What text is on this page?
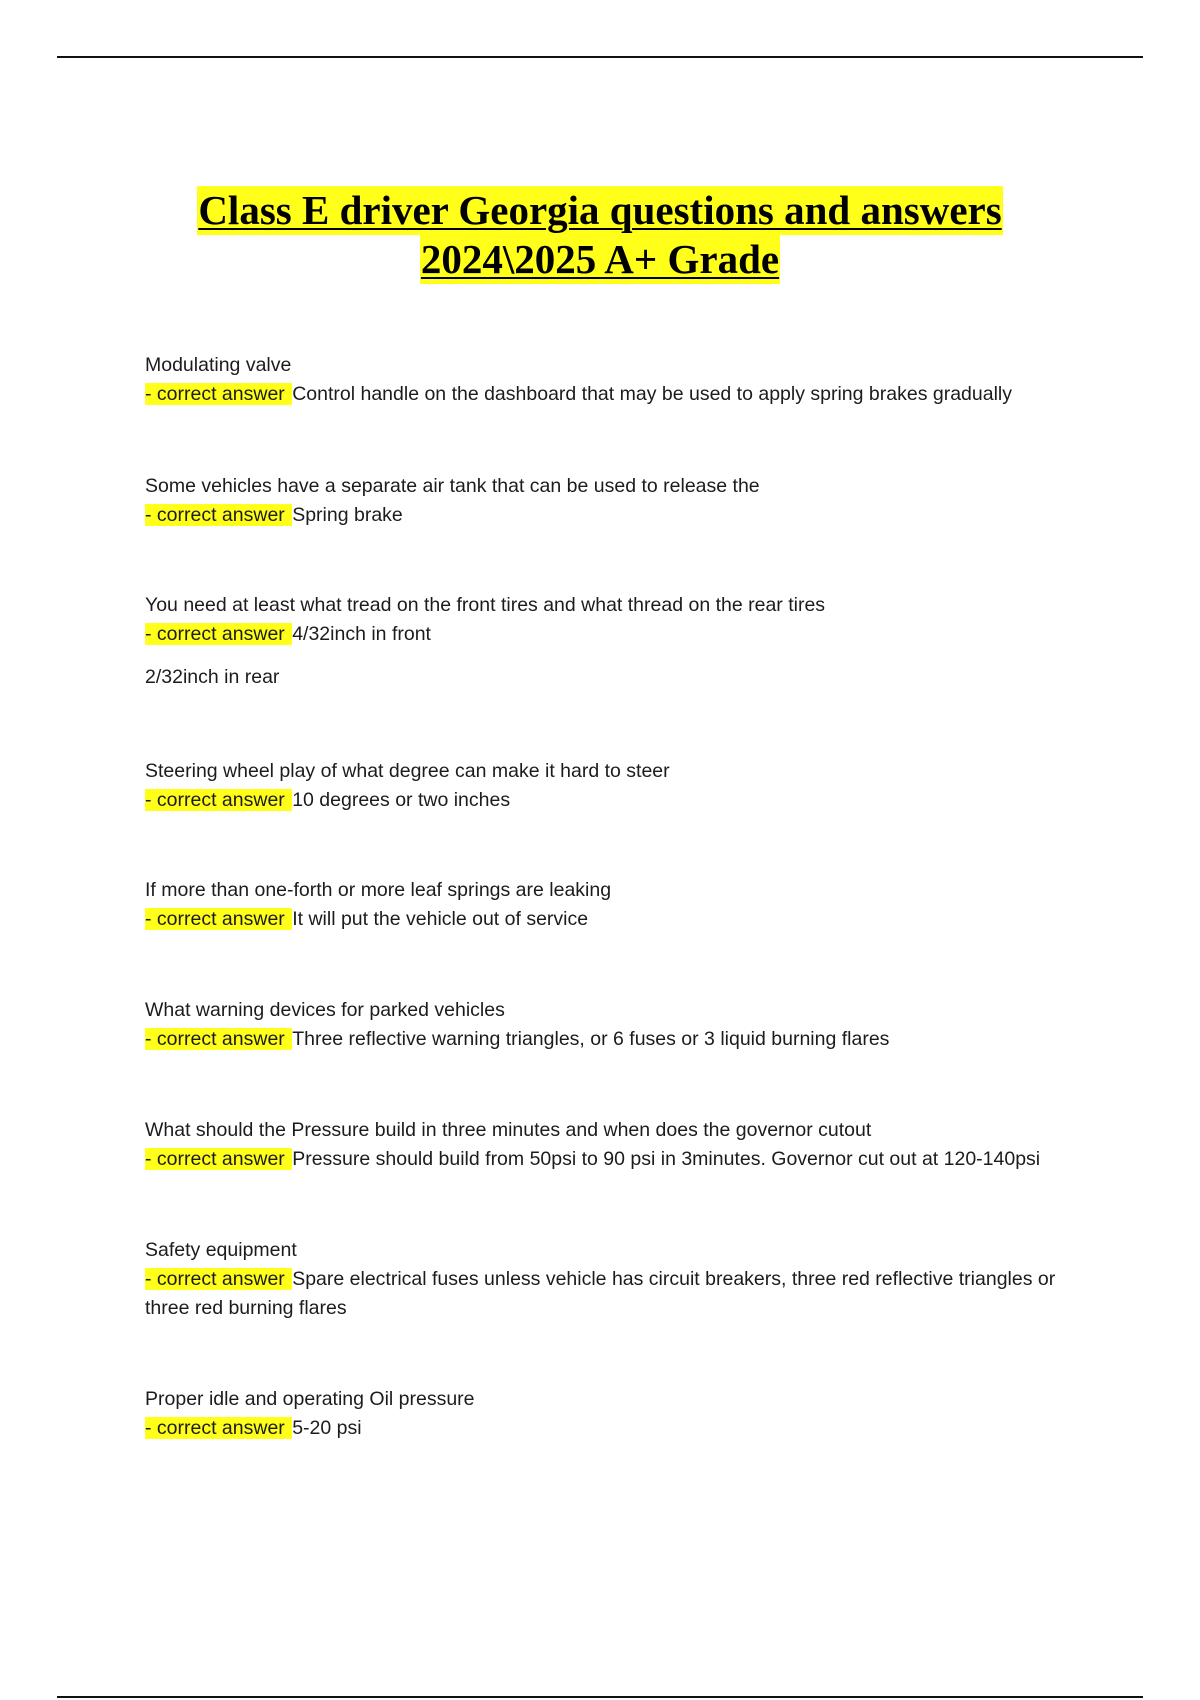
Class E driver Georgia questions and answers
2024\2025 A+ Grade

Modulating valve

- correct answer Control handle on the dashboard that may be used to apply spring brakes gradually

Some vehicles have a separate air tank that can be used to release the

- correct answer Spring brake

You need at least what tread on the front tires and what thread on the rear tires

- correct answer 4/32inch in front

2/32inch in rear

Steering wheel play of what degree can make it hard to steer

- correct answer 10 degrees or two inches

If more than one-forth or more leaf springs are leaking

- correct answer It will put the vehicle out of service

What warning devices for parked vehicles

- correct answer Three reflective warning triangles, or 6 fuses or 3 liquid burning flares

What should the Pressure build in three minutes and when does the governor cutout

- correct answer Pressure should build from 50psi to 90 psi in 3minutes. Governor cut out at 120-140psi

Safety equipment

- correct answer Spare electrical fuses unless vehicle has circuit breakers, three red reflective triangles or three red burning flares

Proper idle and operating Oil pressure

- correct answer 5-20 psi
